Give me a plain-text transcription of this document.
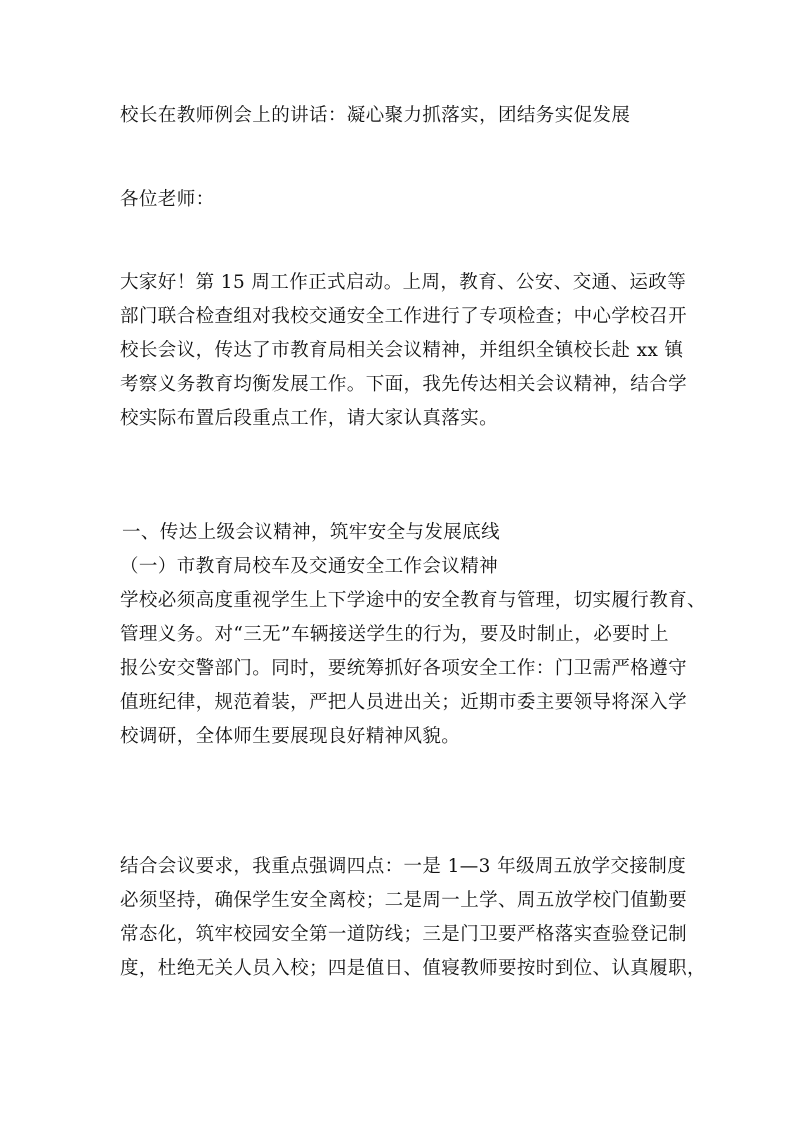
校长在教师例会上的讲话：凝心聚力抓落实，团结务实促发展
各位老师：
大家好！第 15 周工作正式启动。上周，教育、公安、交通、运政等
部门联合检查组对我校交通安全工作进行了专项检查；中心学校召开
校长会议，传达了市教育局相关会议精神，并组织全镇校长赴 xx 镇
考察义务教育均衡发展工作。下面，我先传达相关会议精神，结合学
校实际布置后段重点工作，请大家认真落实。
一、传达上级会议精神，筑牢安全与发展底线
（一）市教育局校车及交通安全工作会议精神
学校必须高度重视学生上下学途中的安全教育与管理，切实履行教育、
管理义务。对“三无”车辆接送学生的行为，要及时制止，必要时上
报公安交警部门。同时，要统筹抓好各项安全工作：门卫需严格遵守
值班纪律，规范着装，严把人员进出关；近期市委主要领导将深入学
校调研，全体师生要展现良好精神风貌。
结合会议要求，我重点强调四点：一是 1—3 年级周五放学交接制度
必须坚持，确保学生安全离校；二是周一上学、周五放学校门值勤要
常态化，筑牢校园安全第一道防线；三是门卫要严格落实查验登记制
度，杜绝无关人员入校；四是值日、值寝教师要按时到位、认真履职，
